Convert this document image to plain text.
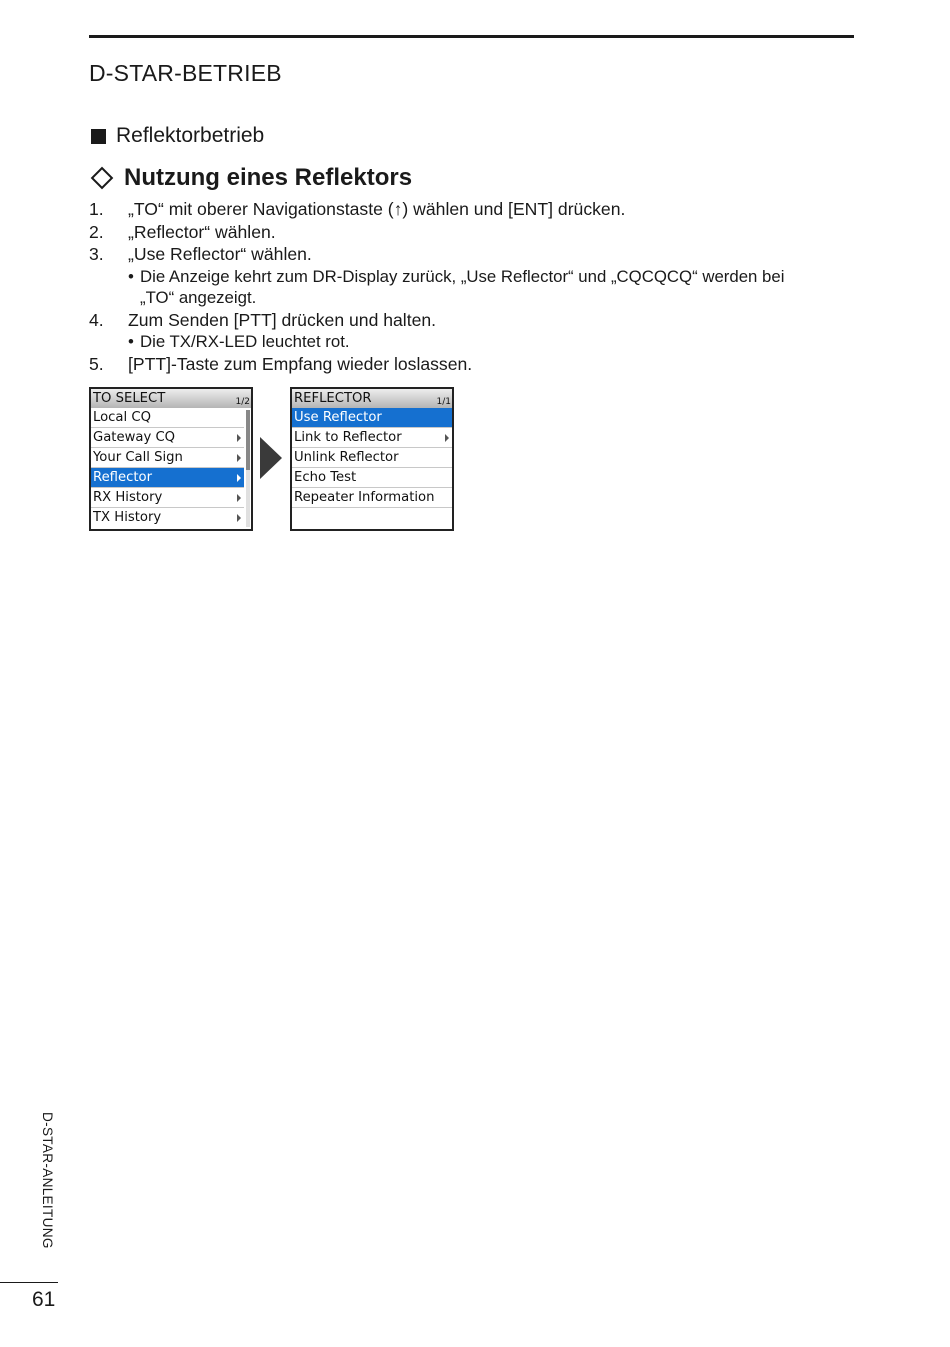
D-STAR-BETRIEB
Reflektorbetrieb
Nutzung eines Reflektors
1.	„TO“ mit oberer Navigationstaste (↑) wählen und [ENT] drücken.
2.	„Reflector“ wählen.
3.	„Use Reflector“ wählen.
• Die Anzeige kehrt zum DR-Display zurück, „Use Reflector“ und „CQCQCQ“ werden bei
„TO“ angezeigt.
4.	Zum Senden [PTT] drücken und halten.
• Die TX/RX-LED leuchtet rot.
5.	[PTT]-Taste zum Empfang wieder loslassen.
TO SELECT	1/2
Local CQ
Gateway CQ
Your Call Sign
Reflector
RX History
TX History
REFLECTOR	1/1
Use Reflector
Link to Reflector
Unlink Reflector
Echo Test
Repeater Information
D-STAR-ANLEITUNG
61
